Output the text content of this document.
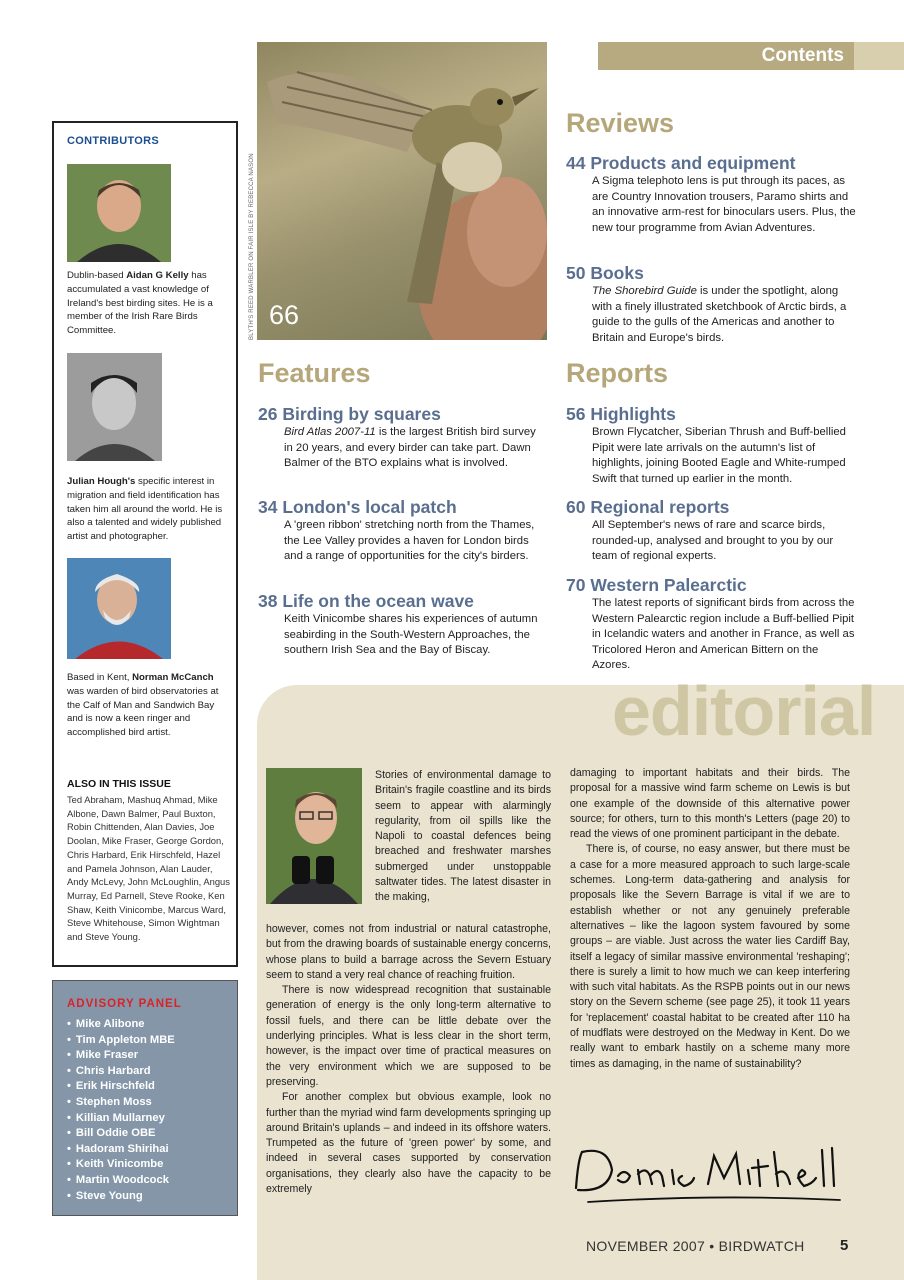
Contents
66
BLYTH'S REED WARBLER ON FAIR ISLE BY REBECCA NASON
Reviews
44 Products and equipment
A Sigma telephoto lens is put through its paces, as are Country Innovation trousers, Paramo shirts and an innovative arm-rest for binoculars users. Plus, the new tour programme from Avian Adventures.
50 Books
The Shorebird Guide is under the spotlight, along with a finely illustrated sketchbook of Arctic birds, a guide to the gulls of the Americas and another to Britain and Europe's birds.
Features
26 Birding by squares
Bird Atlas 2007-11 is the largest British bird survey in 20 years, and every birder can take part. Dawn Balmer of the BTO explains what is involved.
34 London's local patch
A 'green ribbon' stretching north from the Thames, the Lee Valley provides a haven for London birds and a range of opportunities for the city's birders.
38 Life on the ocean wave
Keith Vinicombe shares his experiences of autumn seabirding in the South-Western Approaches, the southern Irish Sea and the Bay of Biscay.
Reports
56 Highlights
Brown Flycatcher, Siberian Thrush and Buff-bellied Pipit were late arrivals on the autumn's list of highlights, joining Booted Eagle and White-rumped Swift that turned up earlier in the month.
60 Regional reports
All September's news of rare and scarce birds, rounded-up, analysed and brought to you by our team of regional experts.
70 Western Palearctic
The latest reports of significant birds from across the Western Palearctic region include a Buff-bellied Pipit in Icelandic waters and another in France, as well as Tricolored Heron and American Bittern on the Azores.
CONTRIBUTORS
Dublin-based Aidan G Kelly has accumulated a vast knowledge of Ireland's best birding sites. He is a member of the Irish Rare Birds Committee.
Julian Hough's specific interest in migration and field identification has taken him all around the world. He is also a talented and widely published artist and photographer.
Based in Kent, Norman McCanch was warden of bird observatories at the Calf of Man and Sandwich Bay and is now a keen ringer and accomplished bird artist.
ALSO IN THIS ISSUE
Ted Abraham, Mashuq Ahmad, Mike Albone, Dawn Balmer, Paul Buxton, Robin Chittenden, Alan Davies, Joe Doolan, Mike Fraser, George Gordon, Chris Harbard, Erik Hirschfeld, Hazel and Pamela Johnson, Alan Lauder, Andy McLevy, John McLoughlin, Angus Murray, Ed Parnell, Steve Rooke, Ken Shaw, Keith Vinicombe, Marcus Ward, Steve Whitehouse, Simon Wightman and Steve Young.
ADVISORY PANEL
• Mike Alibone
• Tim Appleton MBE
• Mike Fraser
• Chris Harbard
• Erik Hirschfeld
• Stephen Moss
• Killian Mullarney
• Bill Oddie OBE
• Hadoram Shirihai
• Keith Vinicombe
• Martin Woodcock
• Steve Young
editorial
Stories of environmental damage to Britain's fragile coastline and its birds seem to appear with alarmingly regularity, from oil spills like the Napoli to coastal defences being breached and freshwater marshes submerged under unstoppable saltwater tides. The latest disaster in the making,

however, comes not from industrial or natural catastrophe, but from the drawing boards of sustainable energy concerns, whose plans to build a barrage across the Severn Estuary seem to stand a very real chance of reaching fruition.

There is now widespread recognition that sustainable generation of energy is the only long-term alternative to fossil fuels, and there can be little debate over the underlying principles. What is less clear in the short term, however, is the impact over time of practical measures on the very environment which we are supposed to be preserving.

For another complex but obvious example, look no further than the myriad wind farm developments springing up around Britain's uplands – and indeed in its offshore waters. Trumpeted as the future of 'green power' by some, and indeed in several cases supported by conservation organisations, they clearly also have the capacity to be extremely

damaging to important habitats and their birds. The proposal for a massive wind farm scheme on Lewis is but one example of the downside of this alternative power source; for others, turn to this month's Letters (page 20) to read the views of one prominent participant in the debate.

There is, of course, no easy answer, but there must be a case for a more measured approach to such large-scale schemes. Long-term data-gathering and analysis for proposals like the Severn Barrage is vital if we are to establish whether or not any genuinely preferable alternatives – like the lagoon system favoured by some groups – are viable. Just across the water lies Cardiff Bay, itself a legacy of similar massive environmental 'reshaping'; there is surely a limit to how much we can keep interfering with such vital habitats. As the RSPB points out in our news story on the Severn scheme (see page 25), it took 11 years for 'replacement' coastal habitat to be created after 110 ha of mudflats were destroyed on the Medway in Kent. Do we really want to embark hastily on a scheme many more times as damaging, in the name of sustainability?

NOVEMBER 2007 • BIRDWATCH 5
